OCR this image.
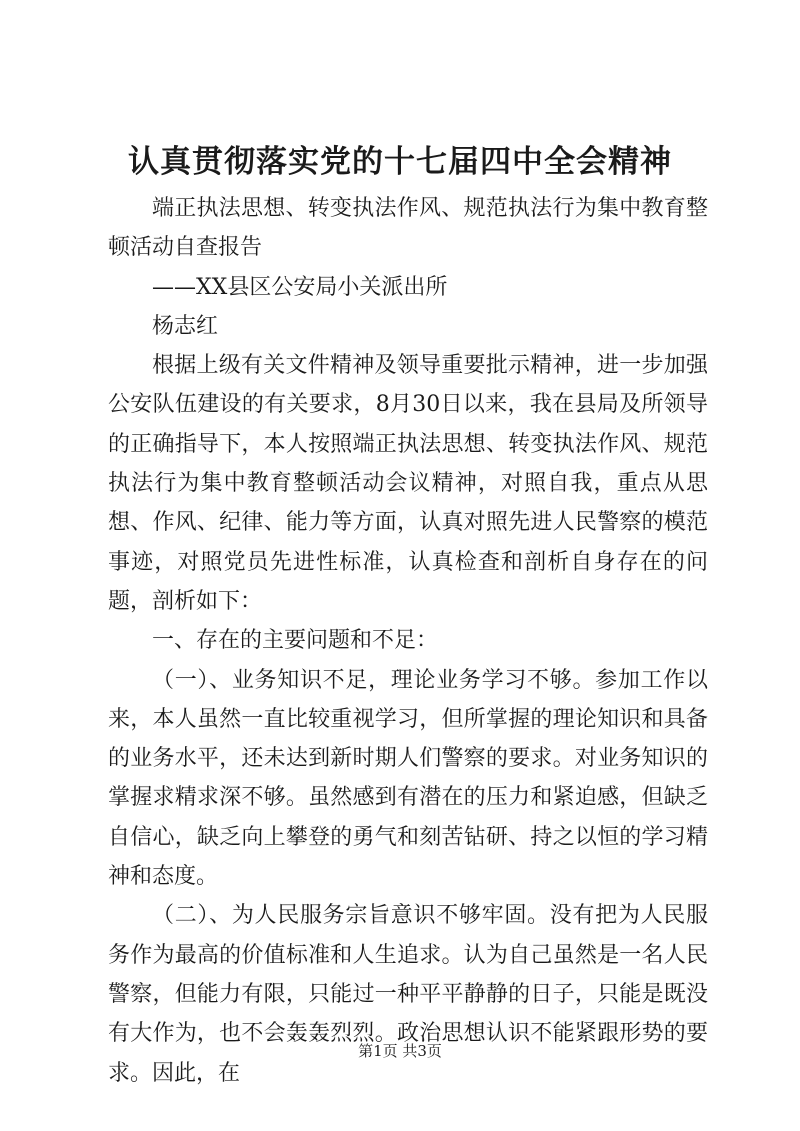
认真贯彻落实党的十七届四中全会精神

端正执法思想、转变执法作风、规范执法行为集中教育整顿活动自查报告

——XX县区公安局小关派出所

杨志红

根据上级有关文件精神及领导重要批示精神，进一步加强公安队伍建设的有关要求，8月30日以来，我在县局及所领导的正确指导下，本人按照端正执法思想、转变执法作风、规范执法行为集中教育整顿活动会议精神，对照自我，重点从思想、作风、纪律、能力等方面，认真对照先进人民警察的模范事迹，对照党员先进性标准，认真检查和剖析自身存在的问题，剖析如下：

一、存在的主要问题和不足：

（一）、业务知识不足，理论业务学习不够。参加工作以来，本人虽然一直比较重视学习，但所掌握的理论知识和具备的业务水平，还未达到新时期人们警察的要求。对业务知识的掌握求精求深不够。虽然感到有潜在的压力和紧迫感，但缺乏自信心，缺乏向上攀登的勇气和刻苦钻研、持之以恒的学习精神和态度。

（二）、为人民服务宗旨意识不够牢固。没有把为人民服务作为最高的价值标准和人生追求。认为自己虽然是一名人民警察，但能力有限，只能过一种平平静静的日子，只能是既没有大作为，也不会轰轰烈烈。政治思想认识不能紧跟形势的要求。因此，在

第1页 共3页
